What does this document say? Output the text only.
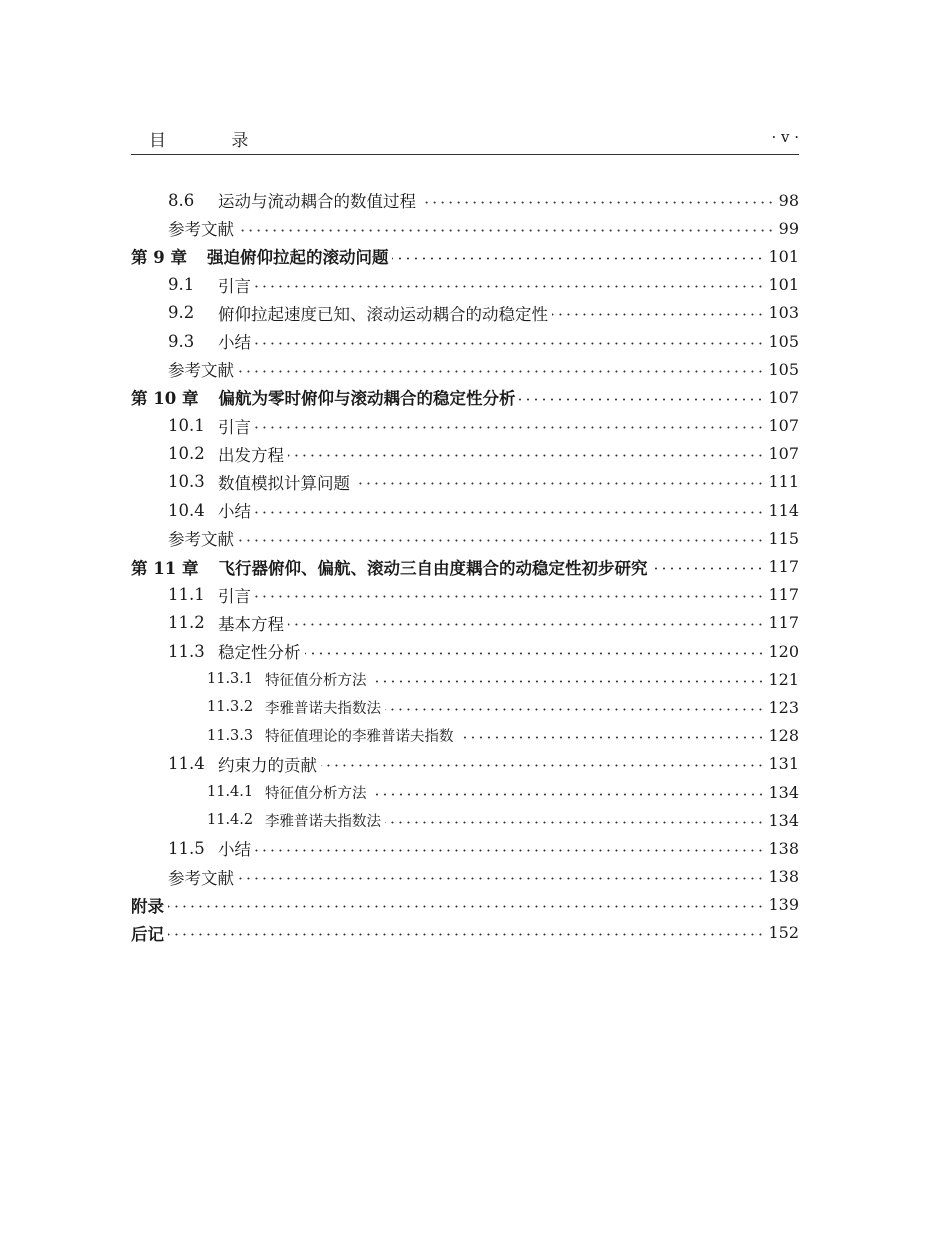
目 录	· v ·
8.6	运动与流动耦合的数值过程	98
参考文献	99
第 9 章 强迫俯仰拉起的滚动问题	101
9.1	引言	101
9.2	俯仰拉起速度已知、滚动运动耦合的动稳定性	103
9.3	小结	105
参考文献	105
第 10 章 偏航为零时俯仰与滚动耦合的稳定性分析	107
10.1 引言	107
10.2 出发方程	107
10.3 数值模拟计算问题	111
10.4 小结	114
参考文献	115
第 11 章 飞行器俯仰、偏航、滚动三自由度耦合的动稳定性初步研究	117
11.1 引言	117
11.2 基本方程	117
11.3 稳定性分析	120
11.3.1 特征值分析方法	121
11.3.2 李雅普诺夫指数法	123
11.3.3 特征值理论的李雅普诺夫指数	128
11.4 约束力的贡献	131
11.4.1 特征值分析方法	134
11.4.2 李雅普诺夫指数法	134
11.5 小结	138
参考文献	138
附录	139
后记	152
